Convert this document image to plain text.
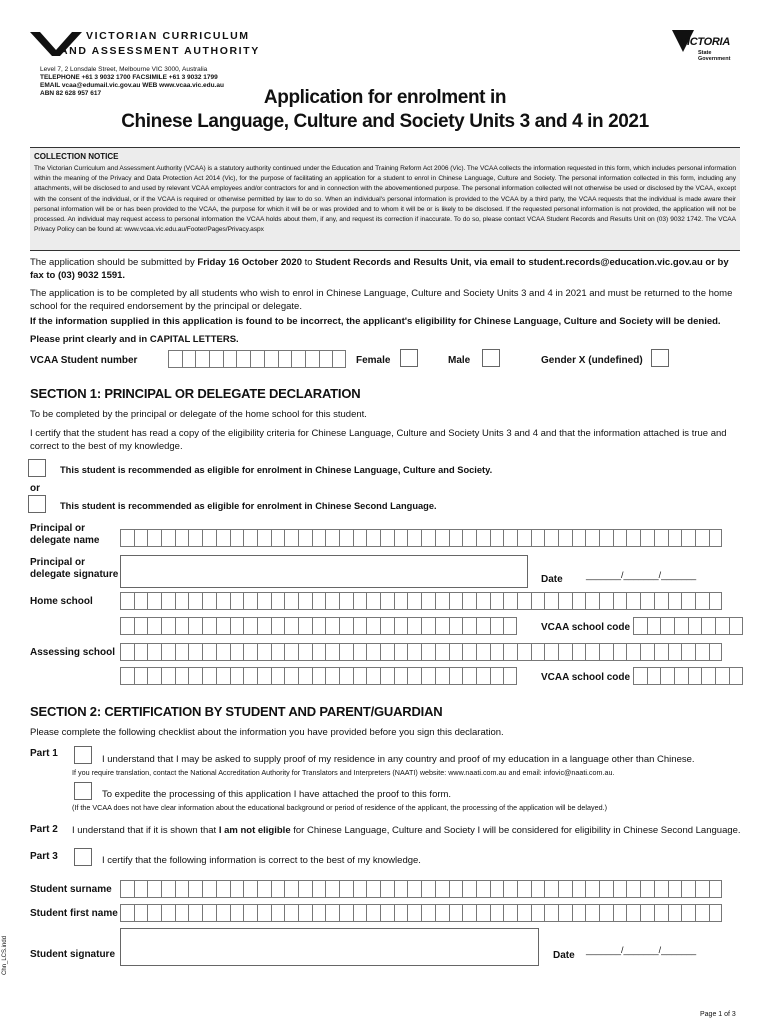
VICTORIAN CURRICULUM
AND ASSESSMENT AUTHORITY
Level 7, 2 Lonsdale Street, Melbourne VIC 3000, Australia
TELEPHONE +61 3 9032 1700 FACSIMILE +61 3 9032 1799
EMAIL vcaa@edumail.vic.gov.au WEB www.vcaa.vic.edu.au
ABN 82 628 957 617
VICTORIA
State
Government
Application for enrolment in
Chinese Language, Culture and Society Units 3 and 4 in 2021
COLLECTION NOTICE
The Victorian Curriculum and Assessment Authority (VCAA) is a statutory authority continued under the Education and Training Reform Act 2006 (Vic). The VCAA collects the information requested in this form, which includes personal information within the meaning of the Privacy and Data Protection Act 2014 (Vic), for the purpose of facilitating an application for a student to enrol in Chinese Language, Culture and Society. The personal information collected in this form, including any attachments, will be disclosed to and used by relevant VCAA employees and/or contractors for and in connection with the abovementioned purpose. The personal information collected will not otherwise be used or disclosed by the VCAA, except with the consent of the individual, or if the VCAA is required or otherwise permitted by law to do so. When an individual's personal information is provided to the VCAA by a third party, the VCAA requests that the individual is made aware their personal information will be or has been provided to the VCAA, the purpose for which it will be or was provided and to whom it will be or is likely to be disclosed. If the requested personal information is not provided, the application will not be processed. An individual may request access to personal information the VCAA holds about them, if any, and request its correction if inaccurate. To do so, please contact VCAA Student Records and Results Unit on (03) 9032 1742. The VCAA Privacy Policy can be found at: www.vcaa.vic.edu.au/Footer/Pages/Privacy.aspx
The application should be submitted by Friday 16 October 2020 to Student Records and Results Unit, via email to student.records@education.vic.gov.au or by fax to (03) 9032 1591.
The application is to be completed by all students who wish to enrol in Chinese Language, Culture and Society Units 3 and 4 in 2021 and must be returned to the home school for the required endorsement by the principal or delegate.
If the information supplied in this application is found to be incorrect, the applicant's eligibility for Chinese Language, Culture and Society will be denied.
Please print clearly and in CAPITAL LETTERS.
VCAA Student number	Female	Male	Gender X (undefined)
SECTION 1: PRINCIPAL OR DELEGATE DECLARATION
To be completed by the principal or delegate of the home school for this student.
I certify that the student has read a copy of the eligibility criteria for Chinese Language, Culture and Society Units 3 and 4 and that the information attached is true and correct to the best of my knowledge.
This student is recommended as eligible for enrolment in Chinese Language, Culture and Society.
or
This student is recommended as eligible for enrolment in Chinese Second Language.
Principal or
delegate name
Principal or
delegate signature	Date	_______/_______/_______
Home school
VCAA school code
Assessing school
VCAA school code
SECTION 2: CERTIFICATION BY STUDENT AND PARENT/GUARDIAN
Please complete the following checklist about the information you have provided before you sign this declaration.
Part 1
I understand that I may be asked to supply proof of my residence in any country and proof of my education in a language other than Chinese.
If you require translation, contact the National Accreditation Authority for Translators and Interpreters (NAATI) website: www.naati.com.au and email: infovic@naati.com.au.
To expedite the processing of this application I have attached the proof to this form.
(If the VCAA does not have clear information about the educational background or period of residence of the applicant, the processing of the application will be delayed.)
Part 2 I understand that if it is shown that I am not eligible for Chinese Language, Culture and Society I will be considered for eligibility in Chinese Second Language.
Part 3	I certify that the following information is correct to the best of my knowledge.
Student surname
Student first name
Student signature	Date _______/_______/_______
Chn_LCS.indd
Page 1 of 3
